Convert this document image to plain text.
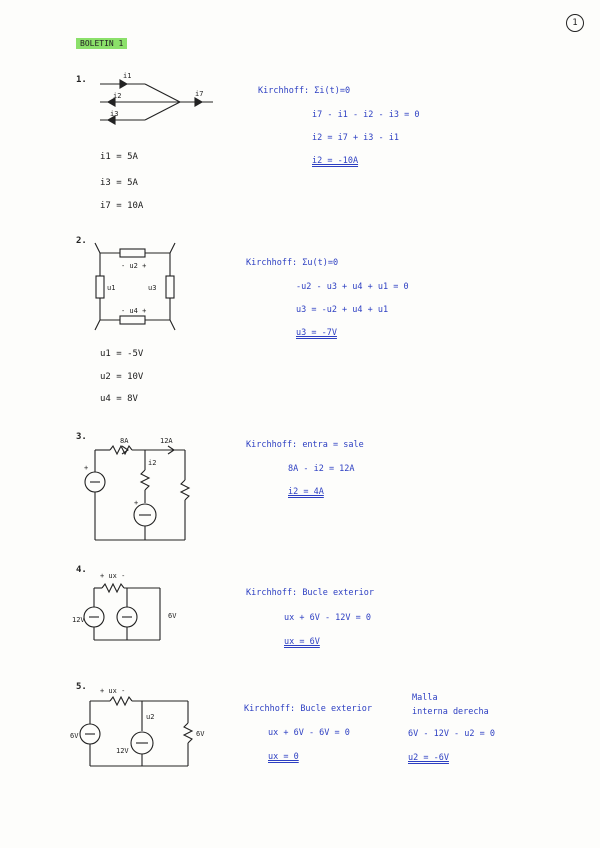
BOLETIN 1
1
1.	i1
i2
i3
i7
i1 = 5A
i3 = 5A
i7 = 10A
Kirchhoff: Σi(t)=0
i7 - i1 - i2 - i3 = 0
i2 = i7 + i3 - i1
i2 = -10A
2.
- u2 +
u1	u3
- u4 +
u1 = -5V
u2 = 10V
u4 = 8V
Kirchhoff: Σu(t)=0
-u2 - u3 + u4 + u1 = 0
u3 = -u2 + u4 + u1
u3 = -7V
3.	8A	12A
i2
+
+
Kirchhoff: entra = sale
8A - i2 = 12A
i2 = 4A
4.
+ ux -
12V	6V
Kirchhoff: Bucle exterior
ux + 6V - 12V = 0
ux = 6V
5. + ux -
u2
6V
12V
6V
Kirchhoff: Bucle exterior
ux + 6V - 6V = 0
ux = 0
Malla
interna derecha
6V - 12V - u2 = 0
u2 = -6V
